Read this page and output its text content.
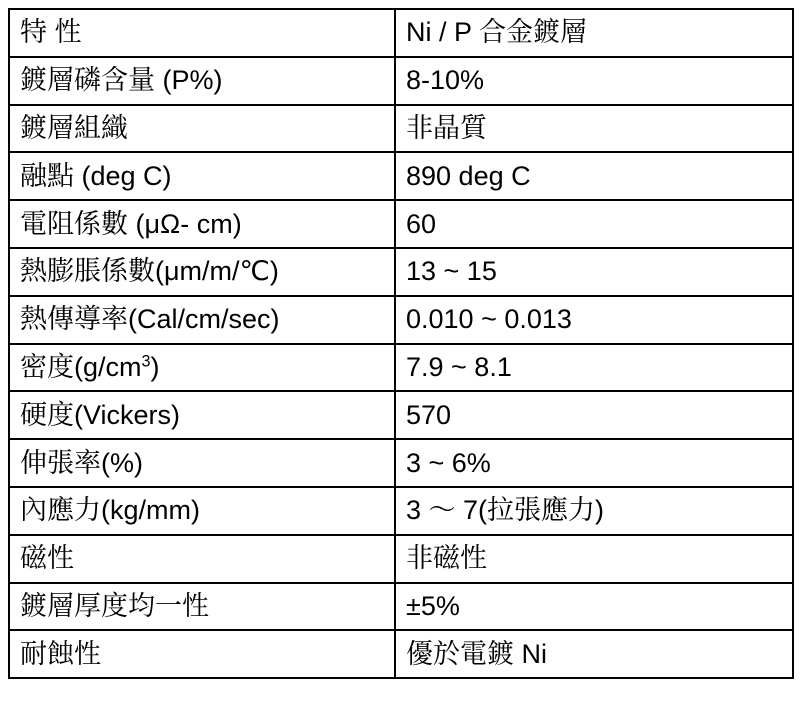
特 性	Ni / P 合金鍍層
鍍層磷含量 (P%)	8-10%
鍍層組織	非晶質
融點 (deg C)	890 deg C
電阻係數 (μΩ- cm)	60
熱膨脹係數(μm/m/℃)	13 ~ 15
熱傳導率(Cal/cm/sec)	0.010 ~ 0.013
密度$(g/cm^3)$	7.9 ~ 8.1
硬度(Vickers)	570
伸張率(%)	3 ~ 6%
內應力(kg/mm)	3 ～ 7(拉張應力)
磁性	非磁性
鍍層厚度均一性	±5%
耐蝕性	優於電鍍 Ni
